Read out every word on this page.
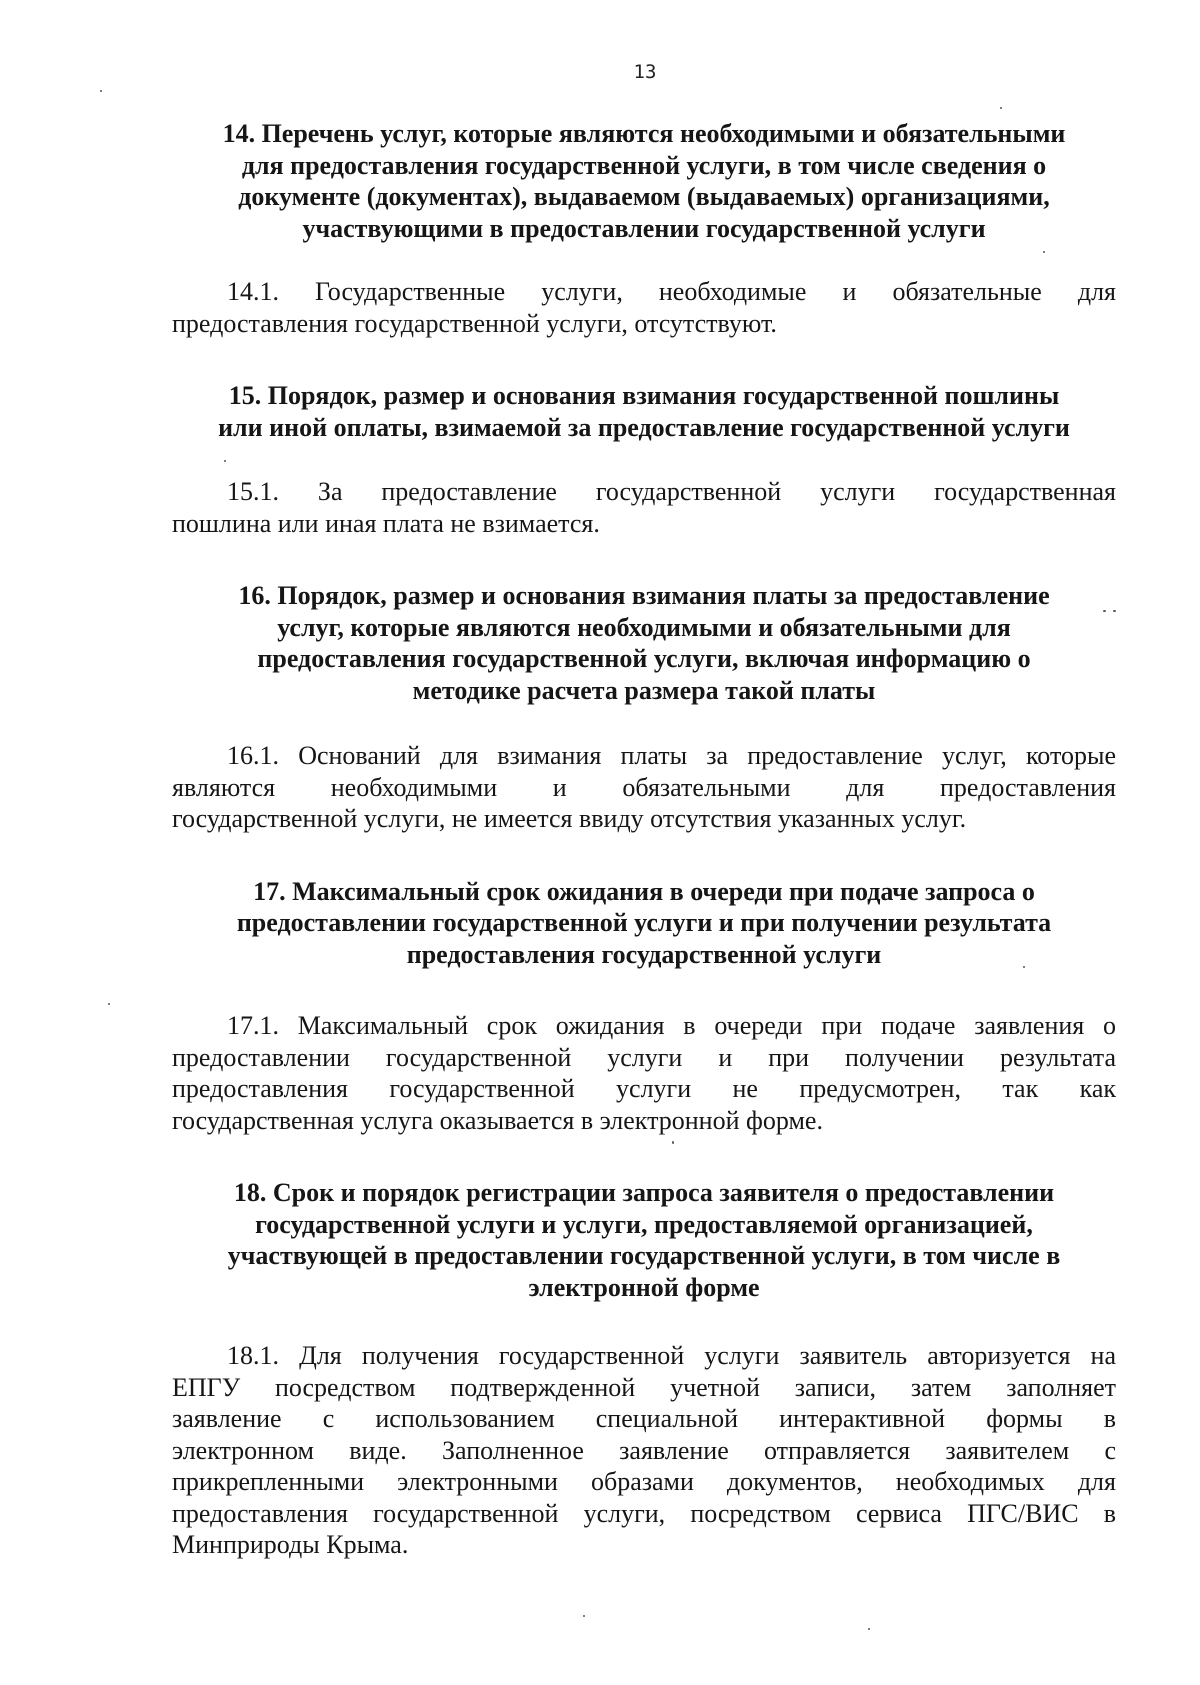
13
14. Перечень услуг, которые являются необходимыми и обязательными
для предоставления государственной услуги, в том числе сведения о
документе (документах), выдаваемом (выдаваемых) организациями,
участвующими в предоставлении государственной услуги
14.1. Государственные услуги, необходимые и обязательные для
предоставления государственной услуги, отсутствуют.
15. Порядок, размер и основания взимания государственной пошлины
или иной оплаты, взимаемой за предоставление государственной услуги
15.1. За предоставление государственной услуги государственная
пошлина или иная плата не взимается.
16. Порядок, размер и основания взимания платы за предоставление
услуг, которые являются необходимыми и обязательными для
предоставления государственной услуги, включая информацию о
методике расчета размера такой платы
16.1. Оснований для взимания платы за предоставление услуг, которые
являются необходимыми и обязательными для предоставления
государственной услуги, не имеется ввиду отсутствия указанных услуг.
17. Максимальный срок ожидания в очереди при подаче запроса о
предоставлении государственной услуги и при получении результата
предоставления государственной услуги
17.1. Максимальный срок ожидания в очереди при подаче заявления о
предоставлении государственной услуги и при получении результата
предоставления государственной услуги не предусмотрен, так как
государственная услуга оказывается в электронной форме.
18. Срок и порядок регистрации запроса заявителя о предоставлении
государственной услуги и услуги, предоставляемой организацией,
участвующей в предоставлении государственной услуги, в том числе в
электронной форме
18.1. Для получения государственной услуги заявитель авторизуется на
ЕПГУ посредством подтвержденной учетной записи, затем заполняет
заявление с использованием специальной интерактивной формы в
электронном виде. Заполненное заявление отправляется заявителем с
прикрепленными электронными образами документов, необходимых для
предоставления государственной услуги, посредством сервиса ПГС/ВИС в
Минприроды Крыма.
